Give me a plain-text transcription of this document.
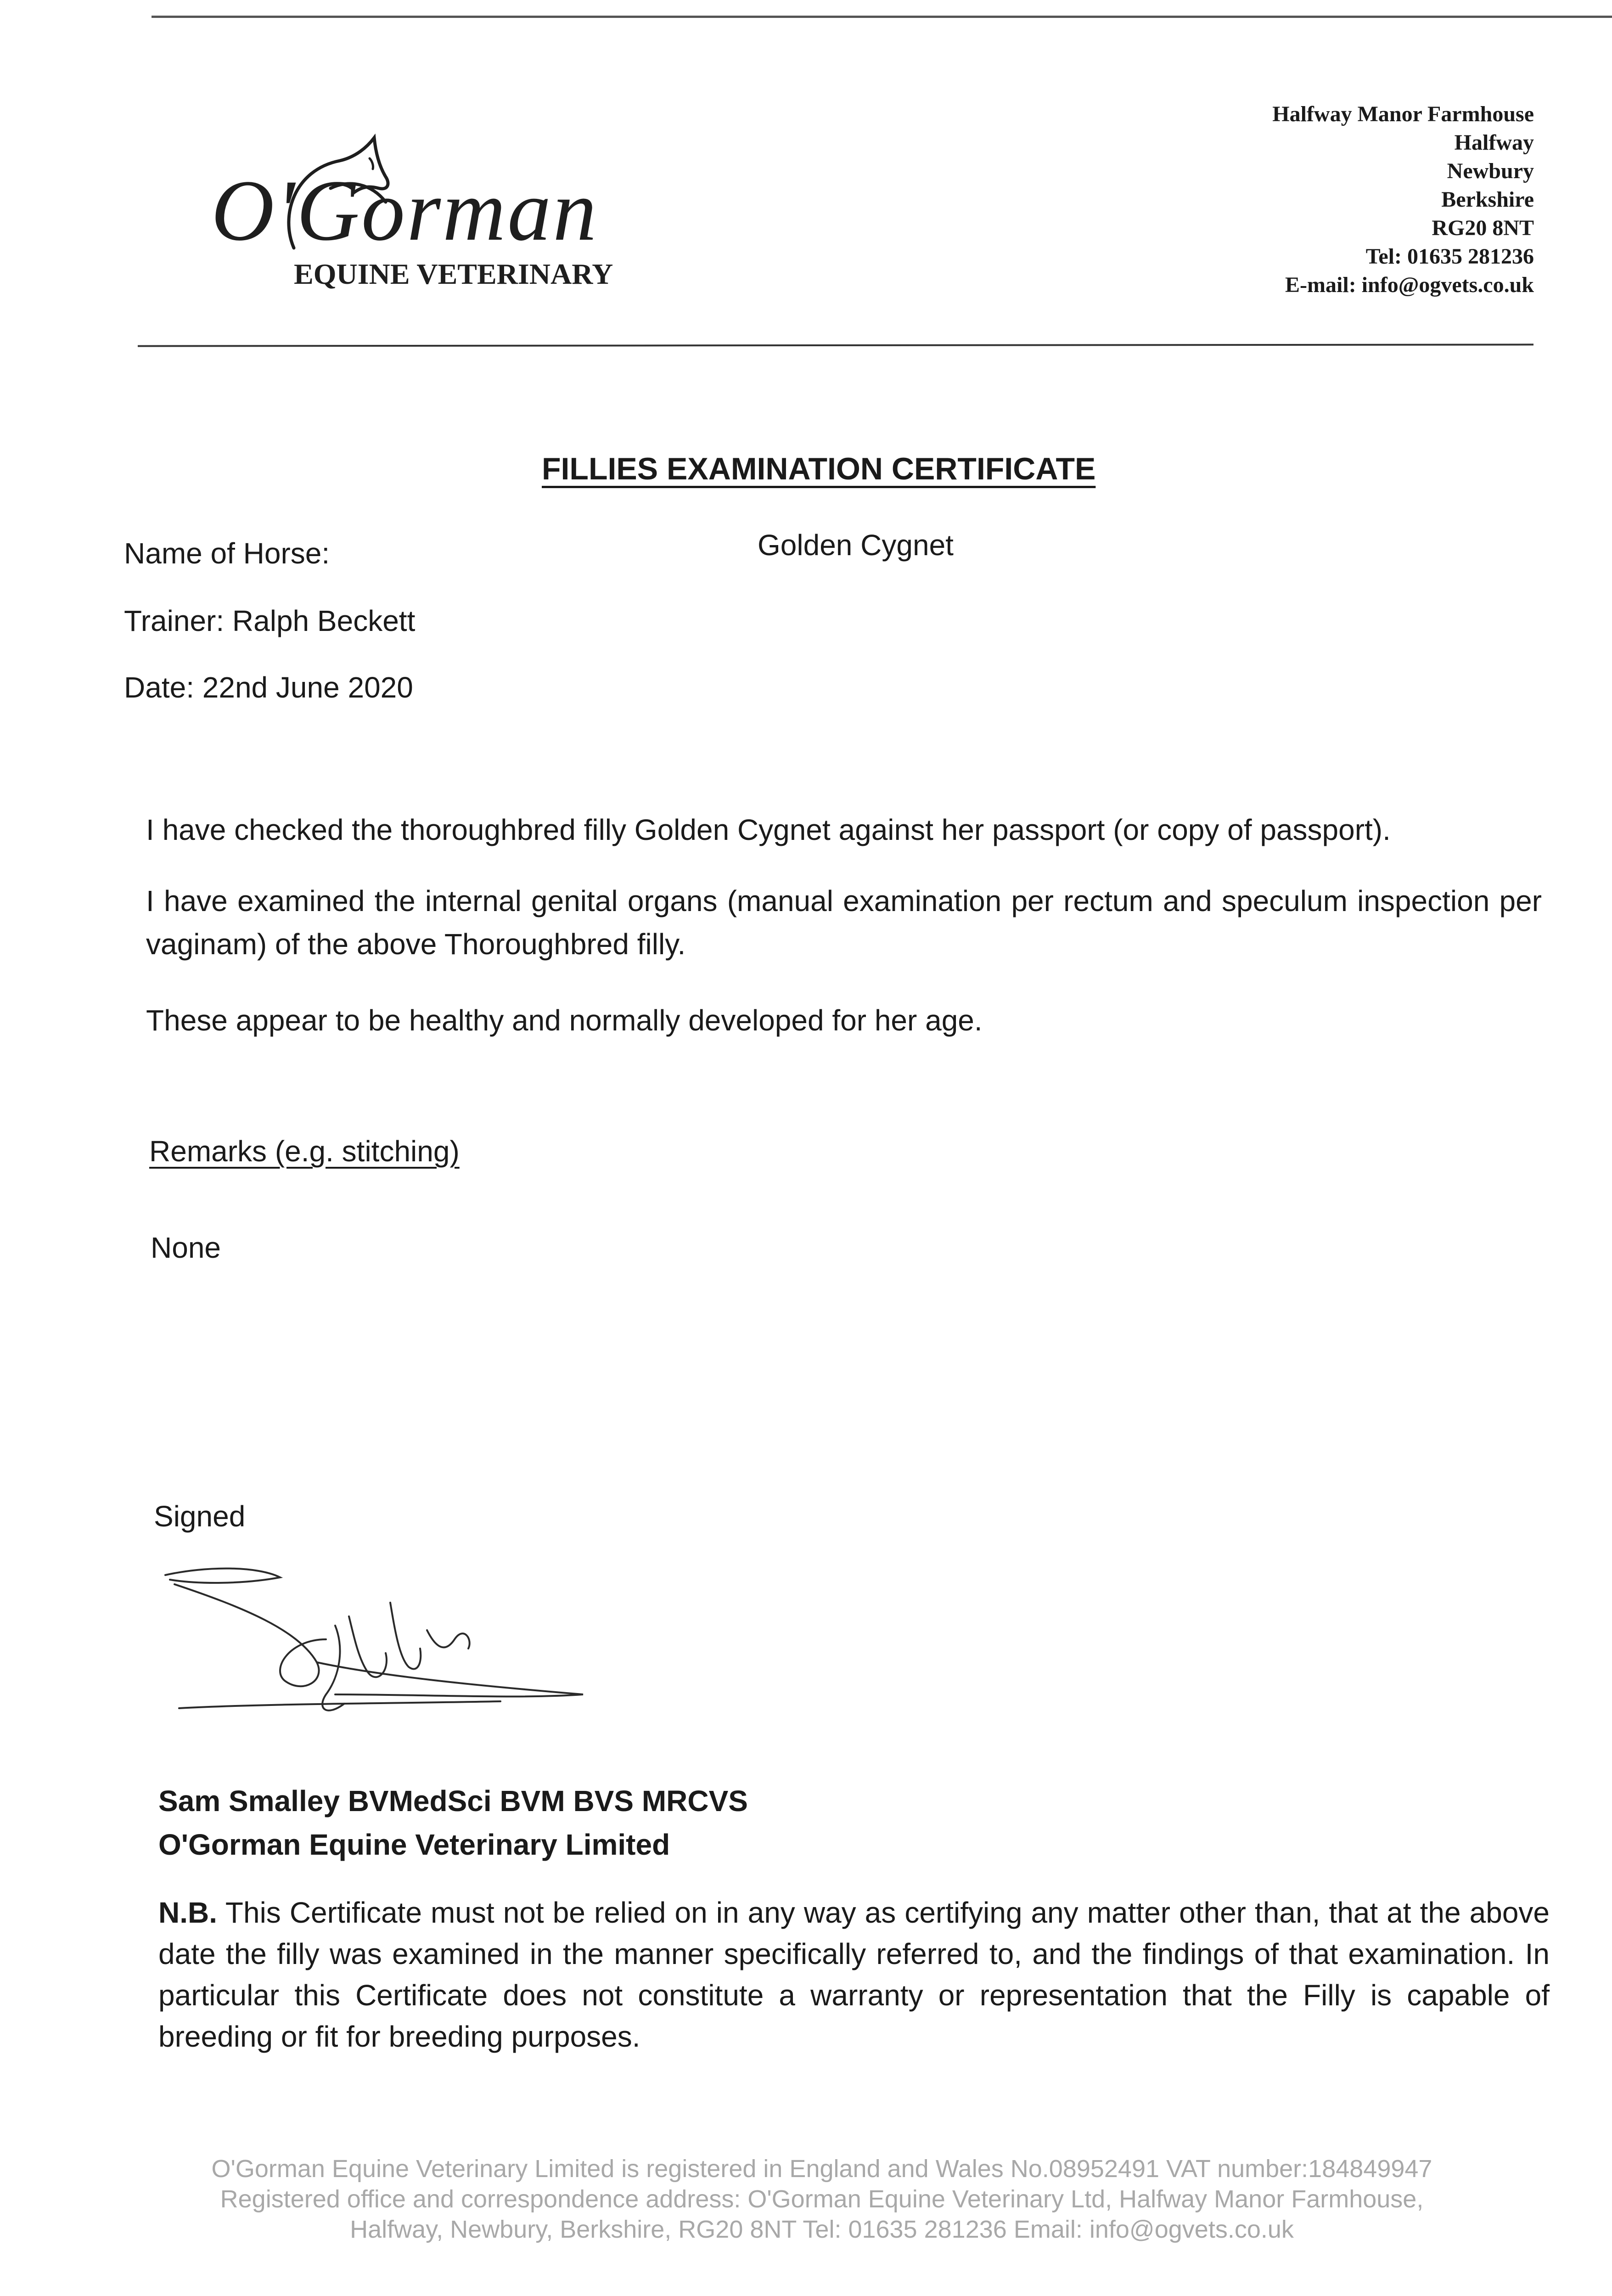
O'Gorman
EQUINE VETERINARY
Halfway Manor Farmhouse
Halfway
Newbury
Berkshire
RG20 8NT
Tel: 01635 281236
E-mail: info@ogvets.co.uk
FILLIES EXAMINATION CERTIFICATE
Name of Horse:	Golden Cygnet
Trainer: Ralph Beckett
Date: 22nd June 2020
I have checked the thoroughbred filly Golden Cygnet against her passport (or copy of passport).
I have examined the internal genital organs (manual examination per rectum and speculum inspection per vaginam) of the above Thoroughbred filly.
These appear to be healthy and normally developed for her age.
Remarks (e.g. stitching)
None
Signed
Sam Smalley BVMedSci BVM BVS MRCVS
O'Gorman Equine Veterinary Limited
N.B. This Certificate must not be relied on in any way as certifying any matter other than, that at the above date the filly was examined in the manner specifically referred to, and the findings of that examination. In particular this Certificate does not constitute a warranty or representation that the Filly is capable of breeding or fit for breeding purposes.
O'Gorman Equine Veterinary Limited is registered in England and Wales No.08952491 VAT number:184849947
Registered office and correspondence address: O'Gorman Equine Veterinary Ltd, Halfway Manor Farmhouse,
Halfway, Newbury, Berkshire, RG20 8NT Tel: 01635 281236 Email: info@ogvets.co.uk
